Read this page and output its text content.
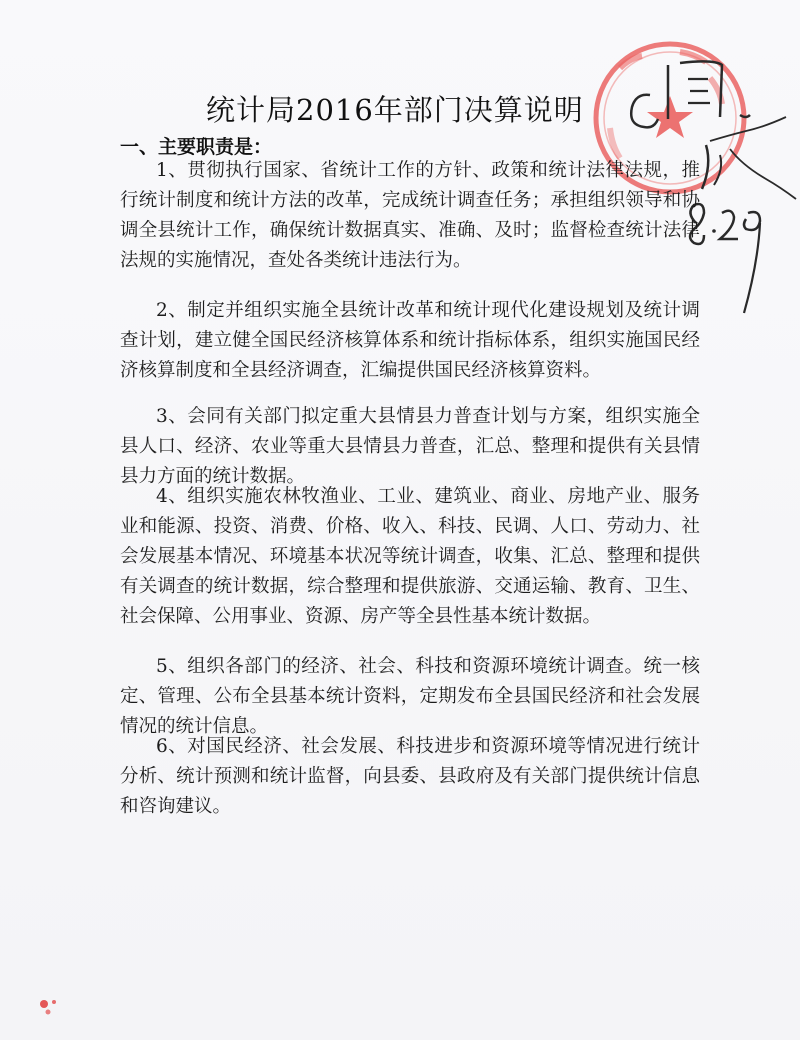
统计局2016年部门决算说明
一、主要职责是：
1、贯彻执行国家、省统计工作的方针、政策和统计法律法规，推行统计制度和统计方法的改革，完成统计调查任务；承担组织领导和协调全县统计工作，确保统计数据真实、准确、及时；监督检查统计法律法规的实施情况，查处各类统计违法行为。
2、制定并组织实施全县统计改革和统计现代化建设规划及统计调查计划，建立健全国民经济核算体系和统计指标体系，组织实施国民经济核算制度和全县经济调查，汇编提供国民经济核算资料。
3、会同有关部门拟定重大县情县力普查计划与方案，组织实施全县人口、经济、农业等重大县情县力普查，汇总、整理和提供有关县情县力方面的统计数据。
4、组织实施农林牧渔业、工业、建筑业、商业、房地产业、服务业和能源、投资、消费、价格、收入、科技、民调、人口、劳动力、社会发展基本情况、环境基本状况等统计调查，收集、汇总、整理和提供有关调查的统计数据，综合整理和提供旅游、交通运输、教育、卫生、社会保障、公用事业、资源、房产等全县性基本统计数据。
5、组织各部门的经济、社会、科技和资源环境统计调查。统一核定、管理、公布全县基本统计资料，定期发布全县国民经济和社会发展情况的统计信息。
6、对国民经济、社会发展、科技进步和资源环境等情况进行统计分析、统计预测和统计监督，向县委、县政府及有关部门提供统计信息和咨询建议。
